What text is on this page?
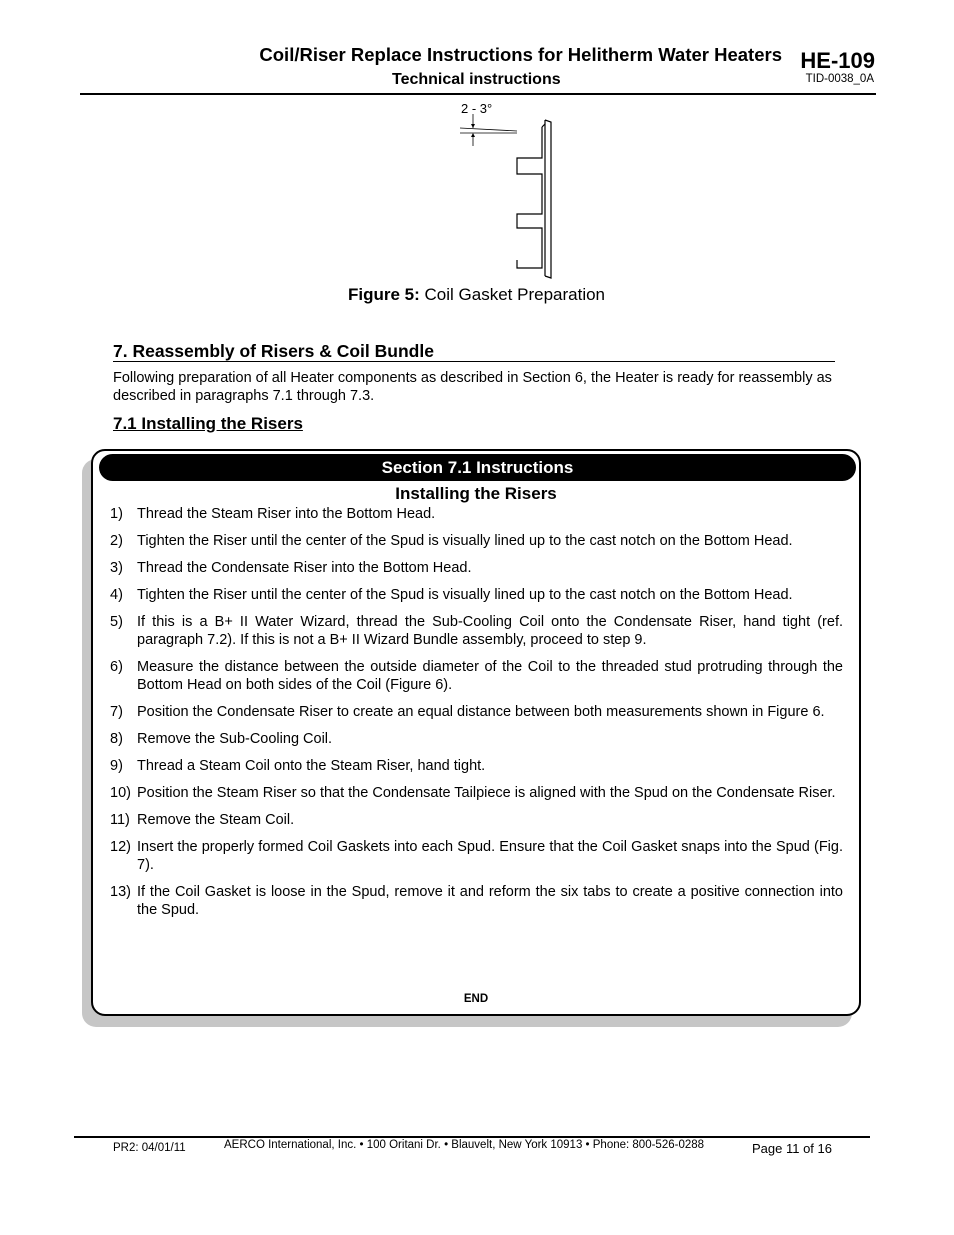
Coil/Riser Replace Instructions for Helitherm Water Heaters HE-109
Technical instructions	TID-0038_0A
2 - 3°
Figure 5: Coil Gasket Preparation
7. Reassembly of Risers & Coil Bundle
Following preparation of all Heater components as described in Section 6, the Heater is ready for reassembly as described in paragraphs 7.1 through 7.3.
7.1 Installing the Risers
Section 7.1 Instructions
Installing the Risers
1) Thread the Steam Riser into the Bottom Head.
2) Tighten the Riser until the center of the Spud is visually lined up to the cast notch on the Bottom Head.
3) Thread the Condensate Riser into the Bottom Head.
4) Tighten the Riser until the center of the Spud is visually lined up to the cast notch on the Bottom Head.
5) If this is a B+ II Water Wizard, thread the Sub-Cooling Coil onto the Condensate Riser, hand tight (ref. paragraph 7.2). If this is not a B+ II Wizard Bundle assembly, proceed to step 9.
6) Measure the distance between the outside diameter of the Coil to the threaded stud protruding through the Bottom Head on both sides of the Coil (Figure 6).
7) Position the Condensate Riser to create an equal distance between both measurements shown in Figure 6.
8) Remove the Sub-Cooling Coil.
9) Thread a Steam Coil onto the Steam Riser, hand tight.
10) Position the Steam Riser so that the Condensate Tailpiece is aligned with the Spud on the Condensate Riser.
11) Remove the Steam Coil.
12) Insert the properly formed Coil Gaskets into each Spud. Ensure that the Coil Gasket snaps into the Spud (Fig. 7).
13) If the Coil Gasket is loose in the Spud, remove it and reform the six tabs to create a positive connection into the Spud.
END
PR2: 04/01/11	AERCO International, Inc. • 100 Oritani Dr. • Blauvelt, New York 10913 • Phone: 800-526-0288	Page 11 of 16
